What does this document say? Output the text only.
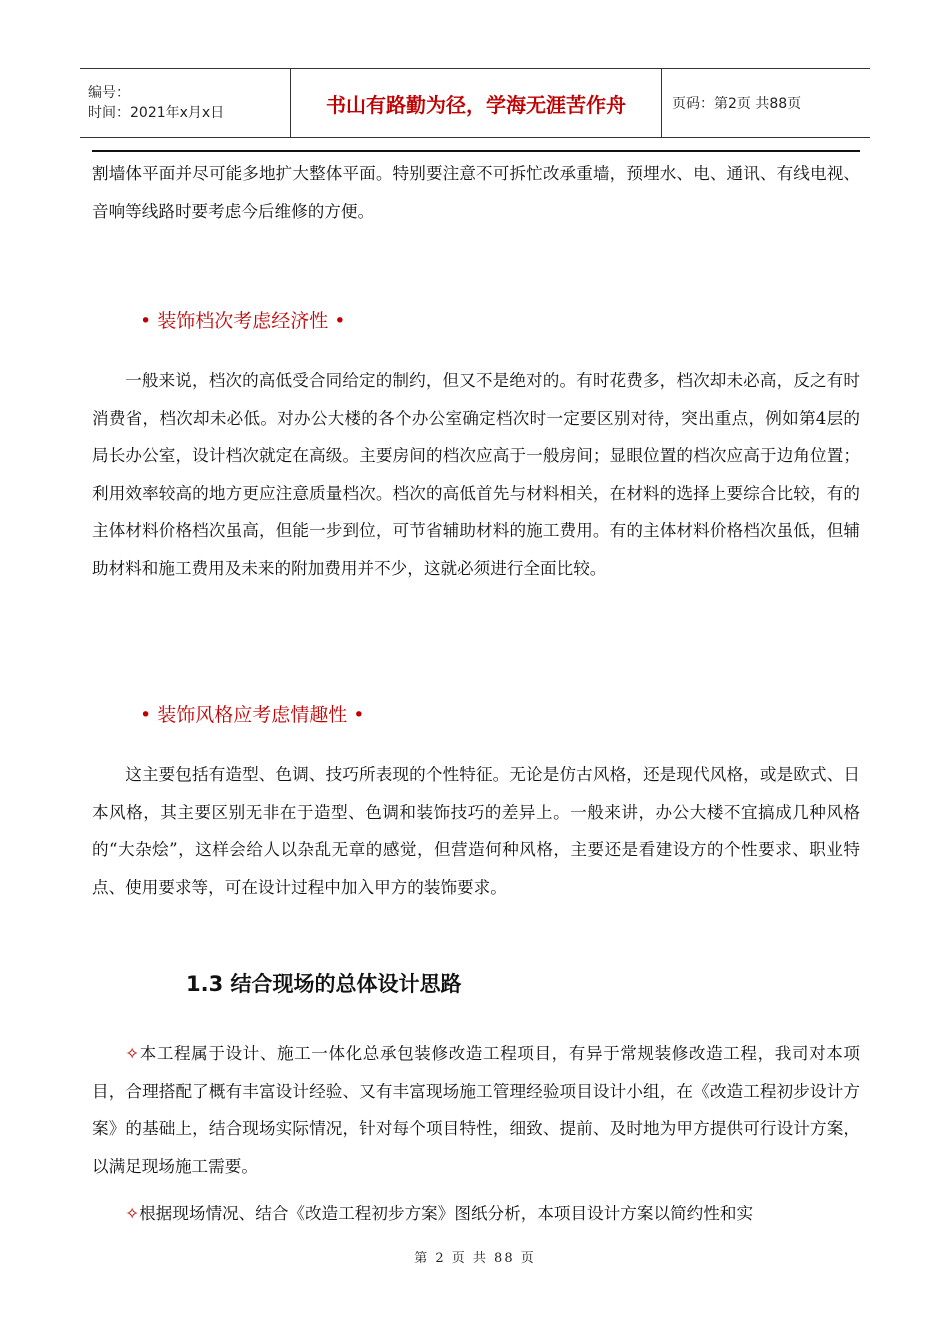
编号：
时间：2021年x月x日	书山有路勤为径，学海无涯苦作舟	页码：第2页 共88页

割墙体平面并尽可能多地扩大整体平面。特别要注意不可拆忙改承重墙，预埋水、电、通讯、有线电视、音响等线路时要考虑今后维修的方便。

• 装饰档次考虑经济性 •

一般来说，档次的高低受合同给定的制约，但又不是绝对的。有时花费多，档次却未必高，反之有时消费省，档次却未必低。对办公大楼的各个办公室确定档次时一定要区别对待，突出重点，例如第4层的局长办公室，设计档次就定在高级。主要房间的档次应高于一般房间；显眼位置的档次应高于边角位置；利用效率较高的地方更应注意质量档次。档次的高低首先与材料相关，在材料的选择上要综合比较，有的主体材料价格档次虽高，但能一步到位，可节省辅助材料的施工费用。有的主体材料价格档次虽低，但辅助材料和施工费用及未来的附加费用并不少，这就必须进行全面比较。

• 装饰风格应考虑情趣性 •

这主要包括有造型、色调、技巧所表现的个性特征。无论是仿古风格，还是现代风格，或是欧式、日本风格，其主要区别无非在于造型、色调和装饰技巧的差异上。一般来讲，办公大楼不宜搞成几种风格的“大杂烩”，这样会给人以杂乱无章的感觉，但营造何种风格，主要还是看建设方的个性要求、职业特点、使用要求等，可在设计过程中加入甲方的装饰要求。

1.3 结合现场的总体设计思路

✧本工程属于设计、施工一体化总承包装修改造工程项目，有异于常规装修改造工程，我司对本项目，合理搭配了概有丰富设计经验、又有丰富现场施工管理经验项目设计小组，在《改造工程初步设计方案》的基础上，结合现场实际情况，针对每个项目特性，细致、提前、及时地为甲方提供可行设计方案，以满足现场施工需要。

✧根据现场情况、结合《改造工程初步方案》图纸分析，本项目设计方案以简约性和实

第 2 页 共 88 页
